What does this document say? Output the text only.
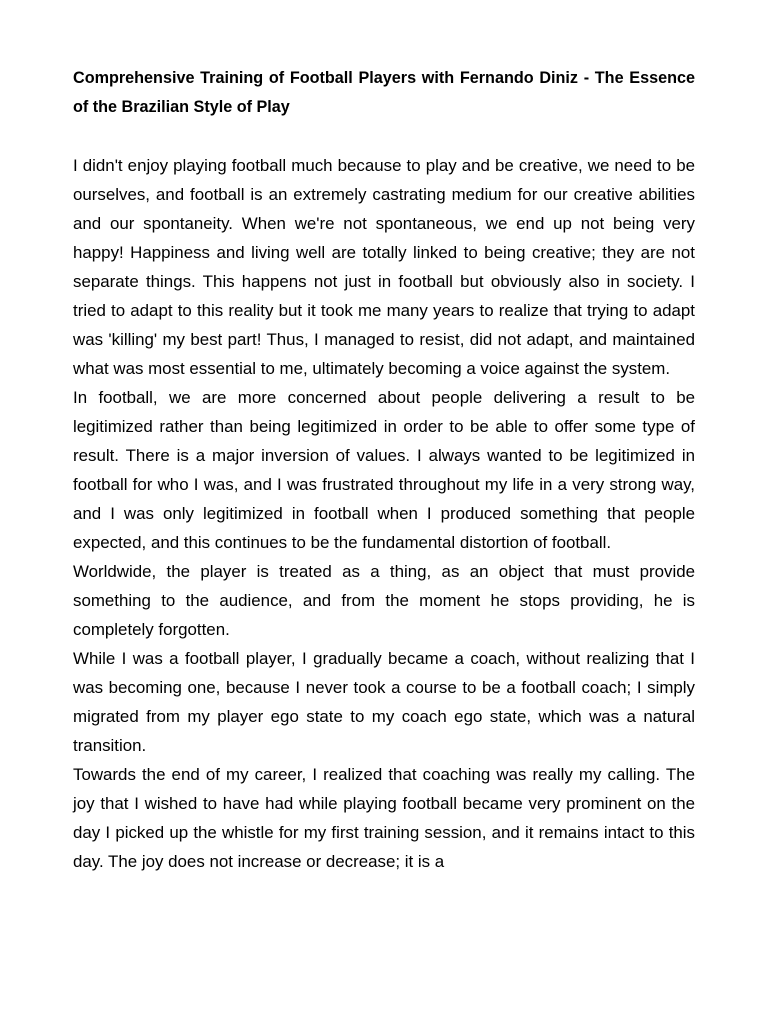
Comprehensive Training of Football Players with Fernando Diniz - The Essence of the Brazilian Style of Play

I didn't enjoy playing football much because to play and be creative, we need to be ourselves, and football is an extremely castrating medium for our creative abilities and our spontaneity. When we're not spontaneous, we end up not being very happy! Happiness and living well are totally linked to being creative; they are not separate things. This happens not just in football but obviously also in society. I tried to adapt to this reality but it took me many years to realize that trying to adapt was 'killing' my best part! Thus, I managed to resist, did not adapt, and maintained what was most essential to me, ultimately becoming a voice against the system.

In football, we are more concerned about people delivering a result to be legitimized rather than being legitimized in order to be able to offer some type of result. There is a major inversion of values. I always wanted to be legitimized in football for who I was, and I was frustrated throughout my life in a very strong way, and I was only legitimized in football when I produced something that people expected, and this continues to be the fundamental distortion of football.

Worldwide, the player is treated as a thing, as an object that must provide something to the audience, and from the moment he stops providing, he is completely forgotten.

While I was a football player, I gradually became a coach, without realizing that I was becoming one, because I never took a course to be a football coach; I simply migrated from my player ego state to my coach ego state, which was a natural transition.

Towards the end of my career, I realized that coaching was really my calling. The joy that I wished to have had while playing football became very prominent on the day I picked up the whistle for my first training session, and it remains intact to this day. The joy does not increase or decrease; it is a
